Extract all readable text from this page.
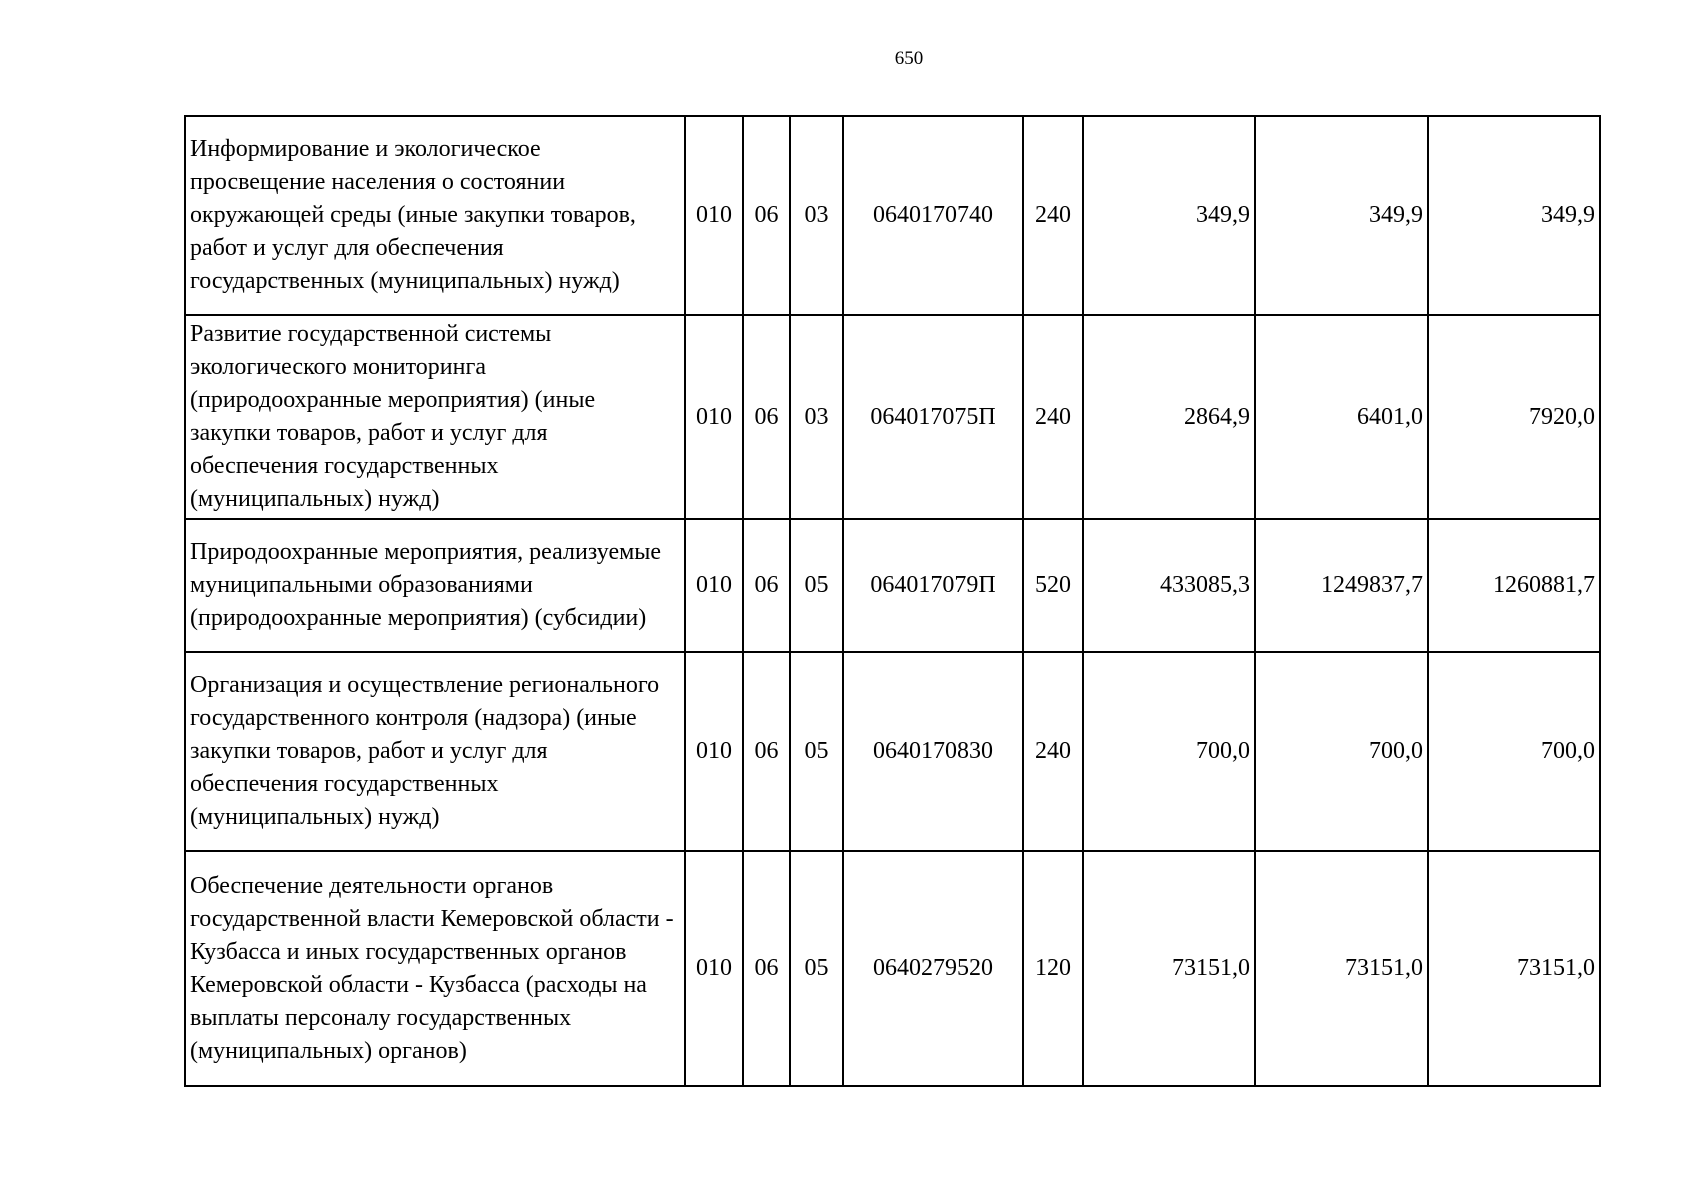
650
Информирование и экологическое просвещение населения о состоянии окружающей среды (иные закупки товаров, работ и услуг для обеспечения государственных (муниципальных) нужд)	010	06	03	0640170740	240	349,9	349,9	349,9
Развитие государственной системы экологического мониторинга (природоохранные мероприятия) (иные закупки товаров, работ и услуг для обеспечения государственных (муниципальных) нужд)	010	06	03	064017075П	240	2864,9	6401,0	7920,0
Природоохранные мероприятия, реализуемые муниципальными образованиями (природоохранные мероприятия) (субсидии)	010	06	05	064017079П	520	433085,3	1249837,7	1260881,7
Организация и осуществление регионального государственного контроля (надзора) (иные закупки товаров, работ и услуг для обеспечения государственных (муниципальных) нужд)	010	06	05	0640170830	240	700,0	700,0	700,0
Обеспечение деятельности органов государственной власти Кемеровской области - Кузбасса и иных государственных органов Кемеровской области - Кузбасса (расходы на выплаты персоналу государственных (муниципальных) органов)	010	06	05	0640279520	120	73151,0	73151,0	73151,0
